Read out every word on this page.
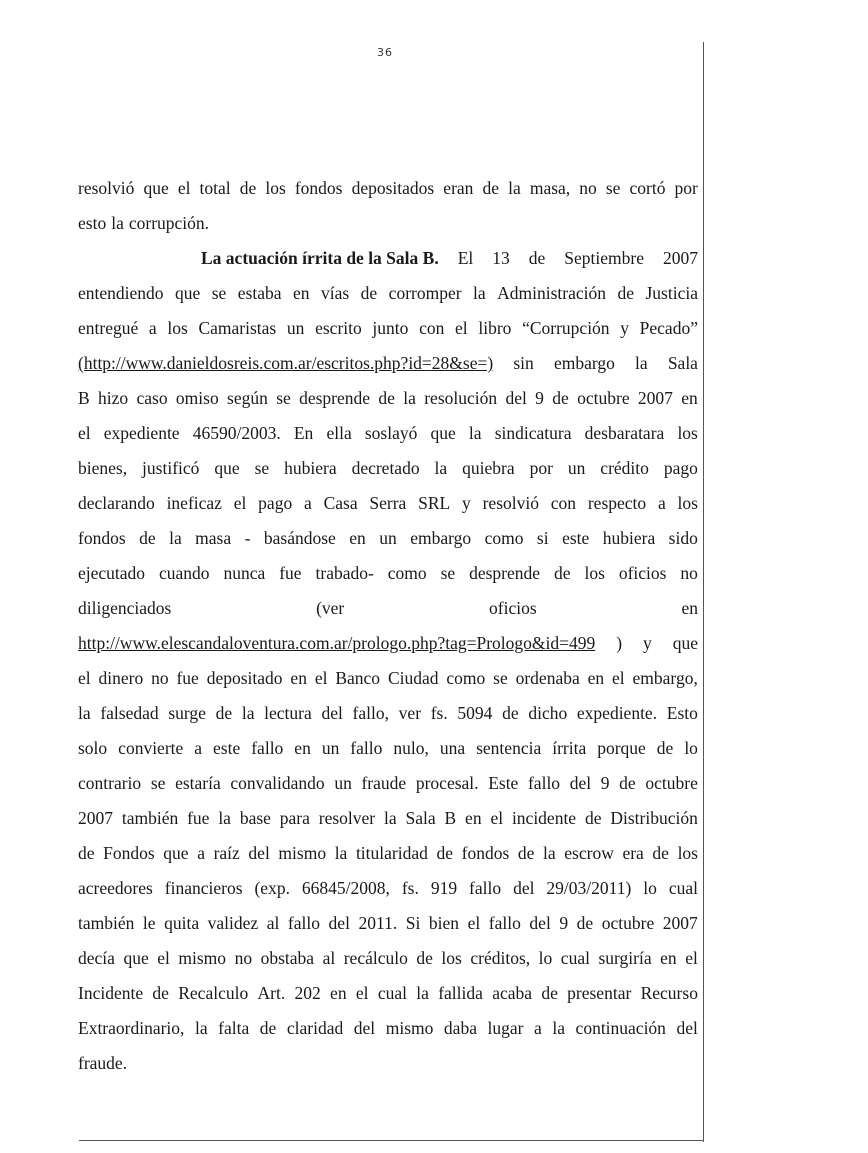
36
resolvió que el total de los fondos depositados eran de la masa, no se cortó por
esto la corrupción.
La actuación írrita de la Sala B. El 13 de Septiembre 2007
entendiendo que se estaba en vías de corromper la Administración de Justicia
entregué a los Camaristas un escrito junto con el libro “Corrupción y Pecado”
(http://www.danieldosreis.com.ar/escritos.php?id=28&se=) sin embargo la Sala
B hizo caso omiso según se desprende de la resolución del 9 de octubre 2007 en
el expediente 46590/2003. En ella soslayó que la sindicatura desbaratara los
bienes, justificó que se hubiera decretado la quiebra por un crédito pago
declarando ineficaz el pago a Casa Serra SRL y resolvió con respecto a los
fondos de la masa - basándose en un embargo como si este hubiera sido
ejecutado cuando nunca fue trabado- como se desprende de los oficios no
diligenciados	(ver	oficios	en
http://www.elescandaloventura.com.ar/prologo.php?tag=Prologo&id=499 ) y que
el dinero no fue depositado en el Banco Ciudad como se ordenaba en el embargo,
la falsedad surge de la lectura del fallo, ver fs. 5094 de dicho expediente. Esto
solo convierte a este fallo en un fallo nulo, una sentencia írrita porque de lo
contrario se estaría convalidando un fraude procesal. Este fallo del 9 de octubre
2007 también fue la base para resolver la Sala B en el incidente de Distribución
de Fondos que a raíz del mismo la titularidad de fondos de la escrow era de los
acreedores financieros (exp. 66845/2008, fs. 919 fallo del 29/03/2011) lo cual
también le quita validez al fallo del 2011. Si bien el fallo del 9 de octubre 2007
decía que el mismo no obstaba al recálculo de los créditos, lo cual surgiría en el
Incidente de Recalculo Art. 202 en el cual la fallida acaba de presentar Recurso
Extraordinario, la falta de claridad del mismo daba lugar a la continuación del
fraude.
